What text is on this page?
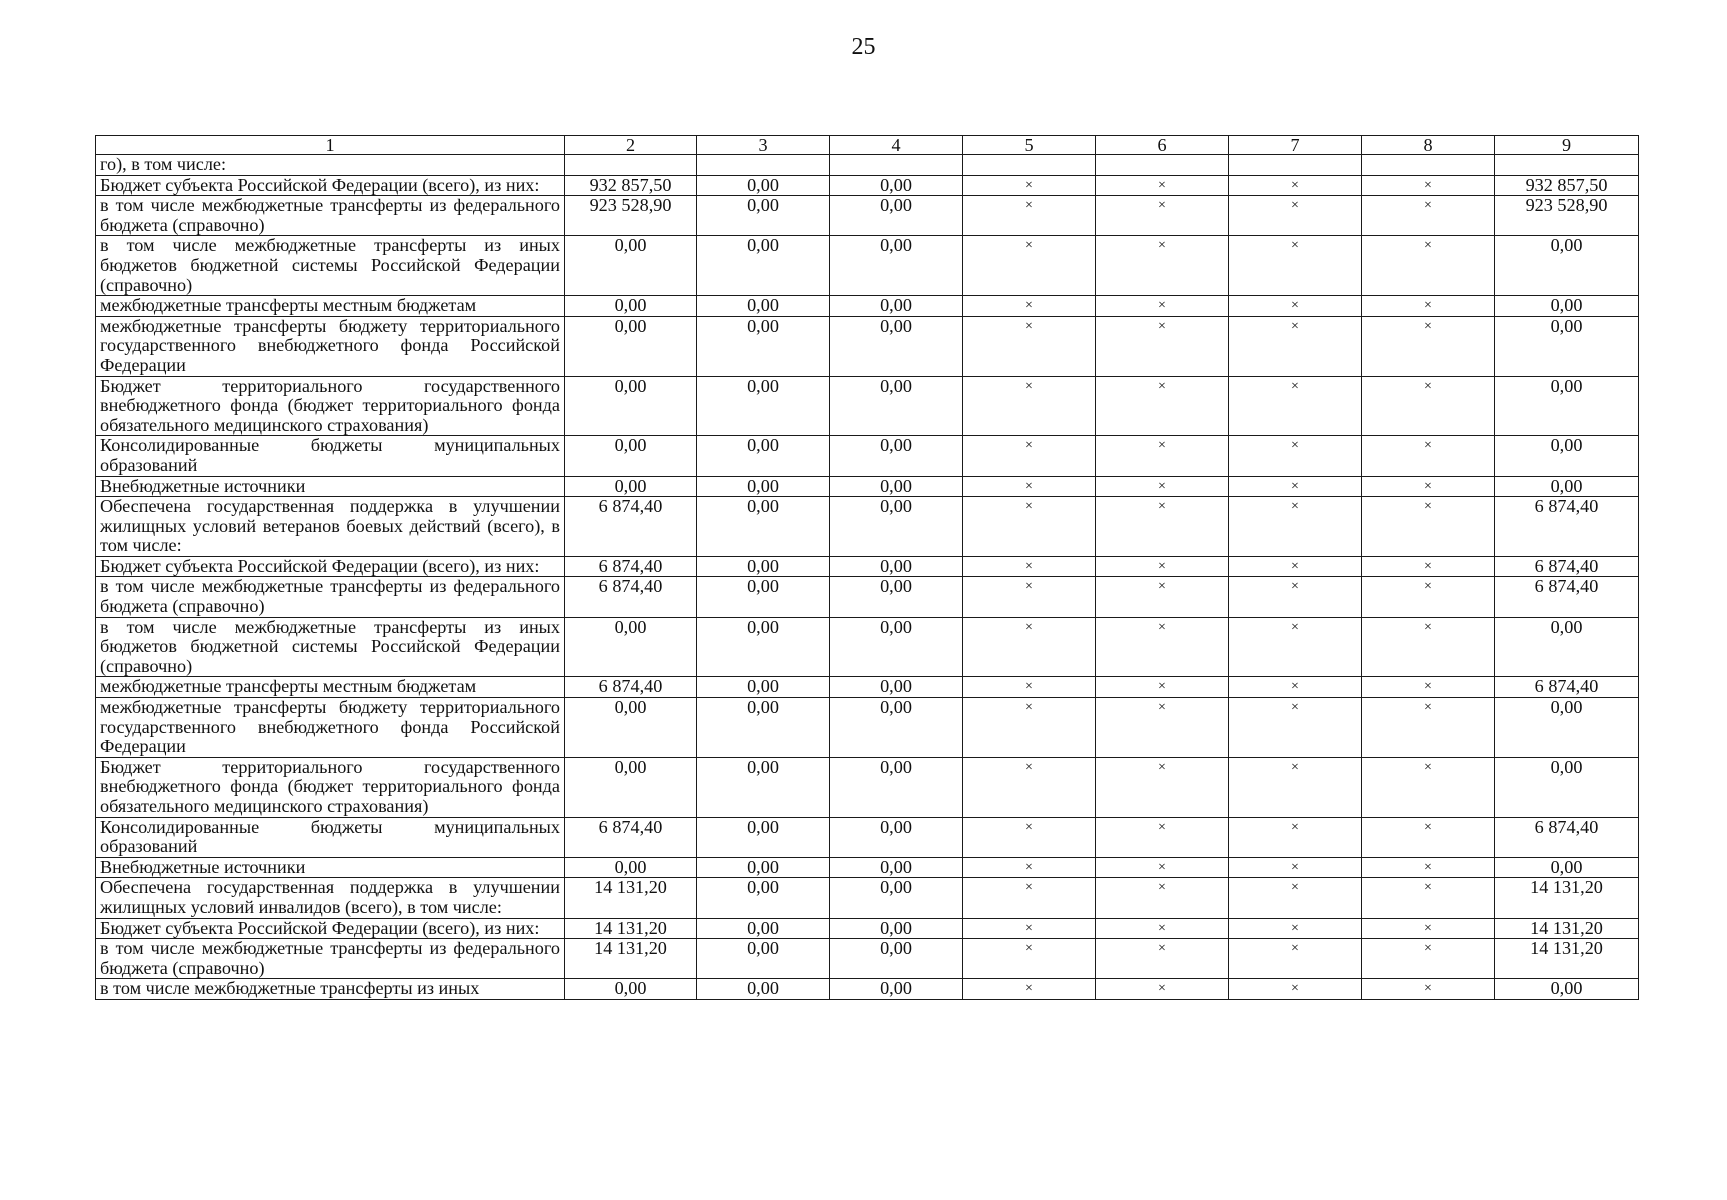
25
1	2	3	4	5	6	7	8	9
го), в том числе:								
Бюджет субъекта Российской Федерации (всего), из них:	932 857,50	0,00	0,00	×	×	×	×	932 857,50
в том числе межбюджетные трансферты из федерального бюджета (справочно)	923 528,90	0,00	0,00	×	×	×	×	923 528,90
в том числе межбюджетные трансферты из иных бюджетов бюджетной системы Российской Федерации (справочно)	0,00	0,00	0,00	×	×	×	×	0,00
межбюджетные трансферты местным бюджетам	0,00	0,00	0,00	×	×	×	×	0,00
межбюджетные трансферты бюджету территориального государственного внебюджетного фонда Российской Федерации	0,00	0,00	0,00	×	×	×	×	0,00
Бюджет территориального государственного внебюджетного фонда (бюджет территориального фонда обязательного медицинского страхования)	0,00	0,00	0,00	×	×	×	×	0,00
Консолидированные бюджеты муниципальных образований	0,00	0,00	0,00	×	×	×	×	0,00
Внебюджетные источники	0,00	0,00	0,00	×	×	×	×	0,00
Обеспечена государственная поддержка в улучшении жилищных условий ветеранов боевых действий (всего), в том числе:	6 874,40	0,00	0,00	×	×	×	×	6 874,40
Бюджет субъекта Российской Федерации (всего), из них:	6 874,40	0,00	0,00	×	×	×	×	6 874,40
в том числе межбюджетные трансферты из федерального бюджета (справочно)	6 874,40	0,00	0,00	×	×	×	×	6 874,40
в том числе межбюджетные трансферты из иных бюджетов бюджетной системы Российской Федерации (справочно)	0,00	0,00	0,00	×	×	×	×	0,00
межбюджетные трансферты местным бюджетам	6 874,40	0,00	0,00	×	×	×	×	6 874,40
межбюджетные трансферты бюджету территориального государственного внебюджетного фонда Российской Федерации	0,00	0,00	0,00	×	×	×	×	0,00
Бюджет территориального государственного внебюджетного фонда (бюджет территориального фонда обязательного медицинского страхования)	0,00	0,00	0,00	×	×	×	×	0,00
Консолидированные бюджеты муниципальных образований	6 874,40	0,00	0,00	×	×	×	×	6 874,40
Внебюджетные источники	0,00	0,00	0,00	×	×	×	×	0,00
Обеспечена государственная поддержка в улучшении жилищных условий инвалидов (всего), в том числе:	14 131,20	0,00	0,00	×	×	×	×	14 131,20
Бюджет субъекта Российской Федерации (всего), из них:	14 131,20	0,00	0,00	×	×	×	×	14 131,20
в том числе межбюджетные трансферты из федерального бюджета (справочно)	14 131,20	0,00	0,00	×	×	×	×	14 131,20
в том числе межбюджетные трансферты из иных	0,00	0,00	0,00	×	×	×	×	0,00
